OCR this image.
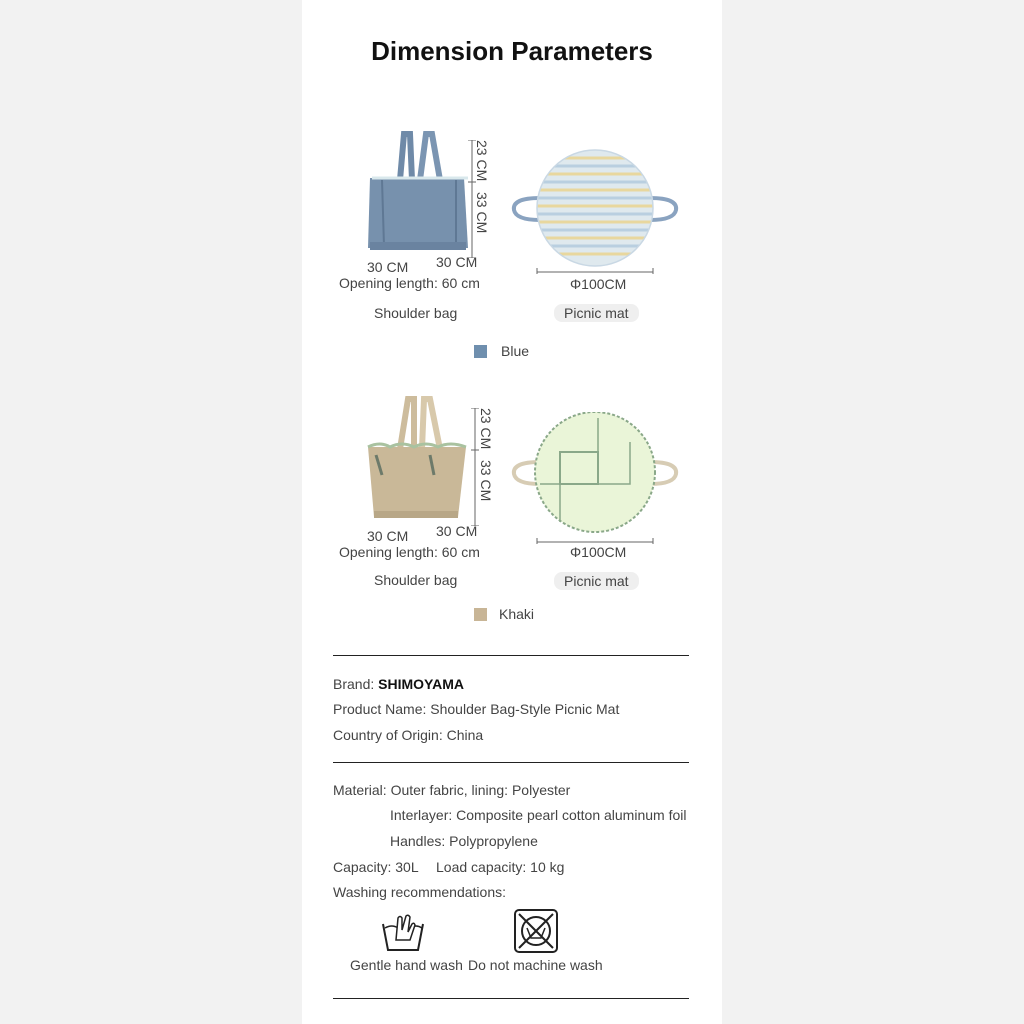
Dimension Parameters
23 CM
33 CM
30 CM 30 CM
Opening length: 60 cm
Shoulder bag
Φ100CM
Picnic mat
Blue
23 CM
33 CM
30 CM 30 CM
Opening length: 60 cm
Shoulder bag
Φ100CM
Picnic mat
Khaki
Brand: SHIMOYAMA
Product Name: Shoulder Bag-Style Picnic Mat
Country of Origin: China
Material: Outer fabric, lining: Polyester
Interlayer: Composite pearl cotton aluminum foil
Handles: Polypropylene
Capacity: 30L Load capacity: 10 kg
Washing recommendations:
Gentle hand wash Do not machine wash
